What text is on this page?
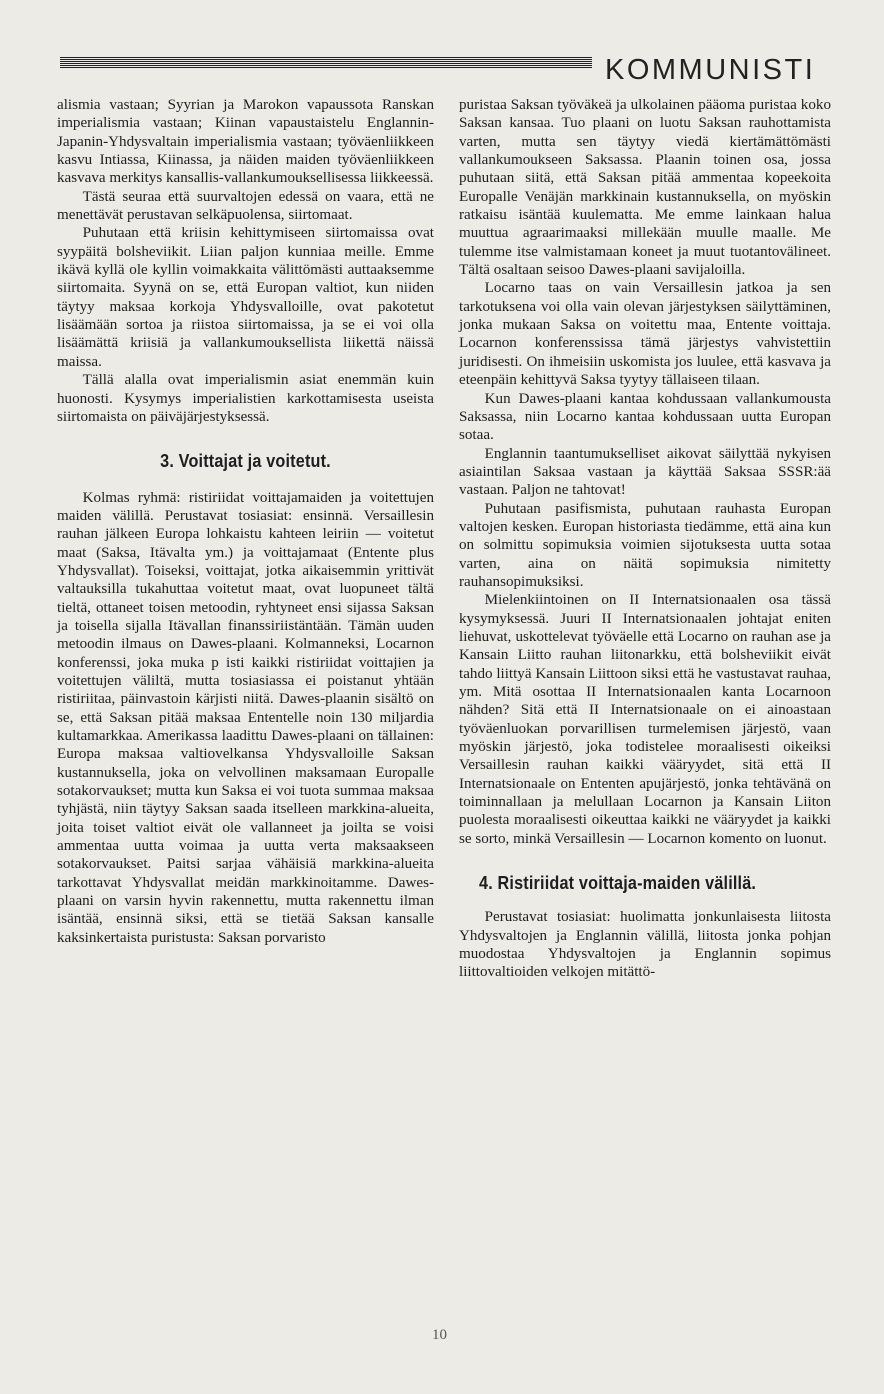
KOMMUNISTI

alismia vastaan; Syyrian ja Marokon vapaussota Ranskan imperialismia vastaan; Kiinan vapaustaistelu Englannin-Japanin-Yhdysvaltain imperialismia vastaan; työväenliikkeen kasvu Intiassa, Kiinassa, ja näiden maiden työväenliikkeen kasvava merkitys kansallis-vallankumouksellisessa liikkeessä.

Tästä seuraa että suurvaltojen edessä on vaara, että ne menettävät perustavan selkäpuolensa, siirtomaat.

Puhutaan että kriisin kehittymiseen siirtomaissa ovat syypäitä bolsheviikit. Liian paljon kunniaa meille. Emme ikävä kyllä ole kyllin voimakkaita välittömästi auttaaksemme siirtomaita. Syynä on se, että Europan valtiot, kun niiden täytyy maksaa korkoja Yhdysvalloille, ovat pakotetut lisäämään sortoa ja riistoa siirtomaissa, ja se ei voi olla lisäämättä kriisiä ja vallankumouksellista liikettä näissä maissa.

Tällä alalla ovat imperialismin asiat enemmän kuin huonosti. Kysymys imperialistien karkottamisesta useista siirtomaista on päiväjärjestyksessä.

3. Voittajat ja voitetut.

Kolmas ryhmä: ristiriidat voittajamaiden ja voitettujen maiden välillä. Perustavat tosiasiat: ensinnä. Versaillesin rauhan jälkeen Europa lohkaistu kahteen leiriin — voitetut maat (Saksa, Itävalta ym.) ja voittajamaat (Entente plus Yhdysvallat). Toiseksi, voittajat, jotka aikaisemmin yrittivät valtauksilla tukahuttaa voitetut maat, ovat luopuneet tältä tieltä, ottaneet toisen metoodin, ryhtyneet ensi sijassa Saksan ja toisella sijalla Itävallan finanssiriistäntään. Tämän uuden metoodin ilmaus on Dawes-plaani. Kolmanneksi, Locarnon konferenssi, joka muka p isti kaikki ristiriidat voittajien ja voitettujen väliltä, mutta tosiasiassa ei poistanut yhtään ristiriitaa, päinvastoin kärjisti niitä. Dawes-plaanin sisältö on se, että Saksan pitää maksaa Ententelle noin 130 miljardia kultamarkkaa. Amerikassa laadittu Dawes-plaani on tällainen: Europa maksaa valtiovelkansa Yhdysvalloille Saksan kustannuksella, joka on velvollinen maksamaan Europalle sotakorvaukset; mutta kun Saksa ei voi tuota summaa maksaa tyhjästä, niin täytyy Saksan saada itselleen markkina-alueita, joita toiset valtiot eivät ole vallanneet ja joilta se voisi ammentaa uutta voimaa ja uutta verta maksaakseen sotakorvaukset. Paitsi sarjaa vähäisiä markkina-alueita tarkottavat Yhdysvallat meidän markkinoitamme. Dawes-plaani on varsin hyvin rakennettu, mutta rakennettu ilman isäntää, ensinnä siksi, että se tietää Saksan kansalle kaksinkertaista puristusta: Saksan porvaristo

puristaa Saksan työväkeä ja ulkolainen pääoma puristaa koko Saksan kansaa. Tuo plaani on luotu Saksan rauhottamista varten, mutta sen täytyy viedä kiertämättömästi vallankumoukseen Saksassa. Plaanin toinen osa, jossa puhutaan siitä, että Saksan pitää ammentaa kopeekoita Europalle Venäjän markkinain kustannuksella, on myöskin ratkaisu isäntää kuulematta. Me emme lainkaan halua muuttua agraarimaaksi millekään muulle maalle. Me tulemme itse valmistamaan koneet ja muut tuotantovälineet. Tältä osaltaan seisoo Dawes-plaani savijaloilla.

Locarno taas on vain Versaillesin jatkoa ja sen tarkotuksena voi olla vain olevan järjestyksen säilyttäminen, jonka mukaan Saksa on voitettu maa, Entente voittaja. Locarnon konferenssissa tämä järjestys vahvistettiin juridisesti. On ihmeisiin uskomista jos luulee, että kasvava ja eteenpäin kehittyvä Saksa tyytyy tällaiseen tilaan.

Kun Dawes-plaani kantaa kohdussaan vallankumousta Saksassa, niin Locarno kantaa kohdussaan uutta Europan sotaa.

Englannin taantumukselliset aikovat säilyttää nykyisen asiaintilan Saksaa vastaan ja käyttää Saksaa SSSR:ää vastaan. Paljon ne tahtovat!

Puhutaan pasifismista, puhutaan rauhasta Europan valtojen kesken. Europan historiasta tiedämme, että aina kun on solmittu sopimuksia voimien sijotuksesta uutta sotaa varten, aina on näitä sopimuksia nimitetty rauhansopimuksiksi.

Mielenkiintoinen on II Internatsionaalen osa tässä kysymyksessä. Juuri II Internatsionaalen johtajat eniten liehuvat, uskottelevat työväelle että Locarno on rauhan ase ja Kansain Liitto rauhan liitonarkku, että bolsheviikit eivät tahdo liittyä Kansain Liittoon siksi että he vastustavat rauhaa, ym. Mitä osottaa II Internatsionaalen kanta Locarnoon nähden? Sitä että II Internatsionaale on ei ainoastaan työväenluokan porvarillisen turmelemisen järjestö, vaan myöskin järjestö, joka todistelee moraalisesti oikeiksi Versaillesin rauhan kaikki vääryydet, sitä että II Internatsionaale on Ententen apujärjestö, jonka tehtävänä on toiminnallaan ja melullaan Locarnon ja Kansain Liiton puolesta moraalisesti oikeuttaa kaikki ne vääryydet ja kaikki se sorto, minkä Versaillesin — Locarnon komento on luonut.

4. Ristiriidat voittaja-maiden välillä.

Perustavat tosiasiat: huolimatta jonkunlaisesta liitosta Yhdysvaltojen ja Englannin välillä, liitosta jonka pohjan muodostaa Yhdysvaltojen ja Englannin sopimus liittovaltioiden velkojen mitättö-

10
